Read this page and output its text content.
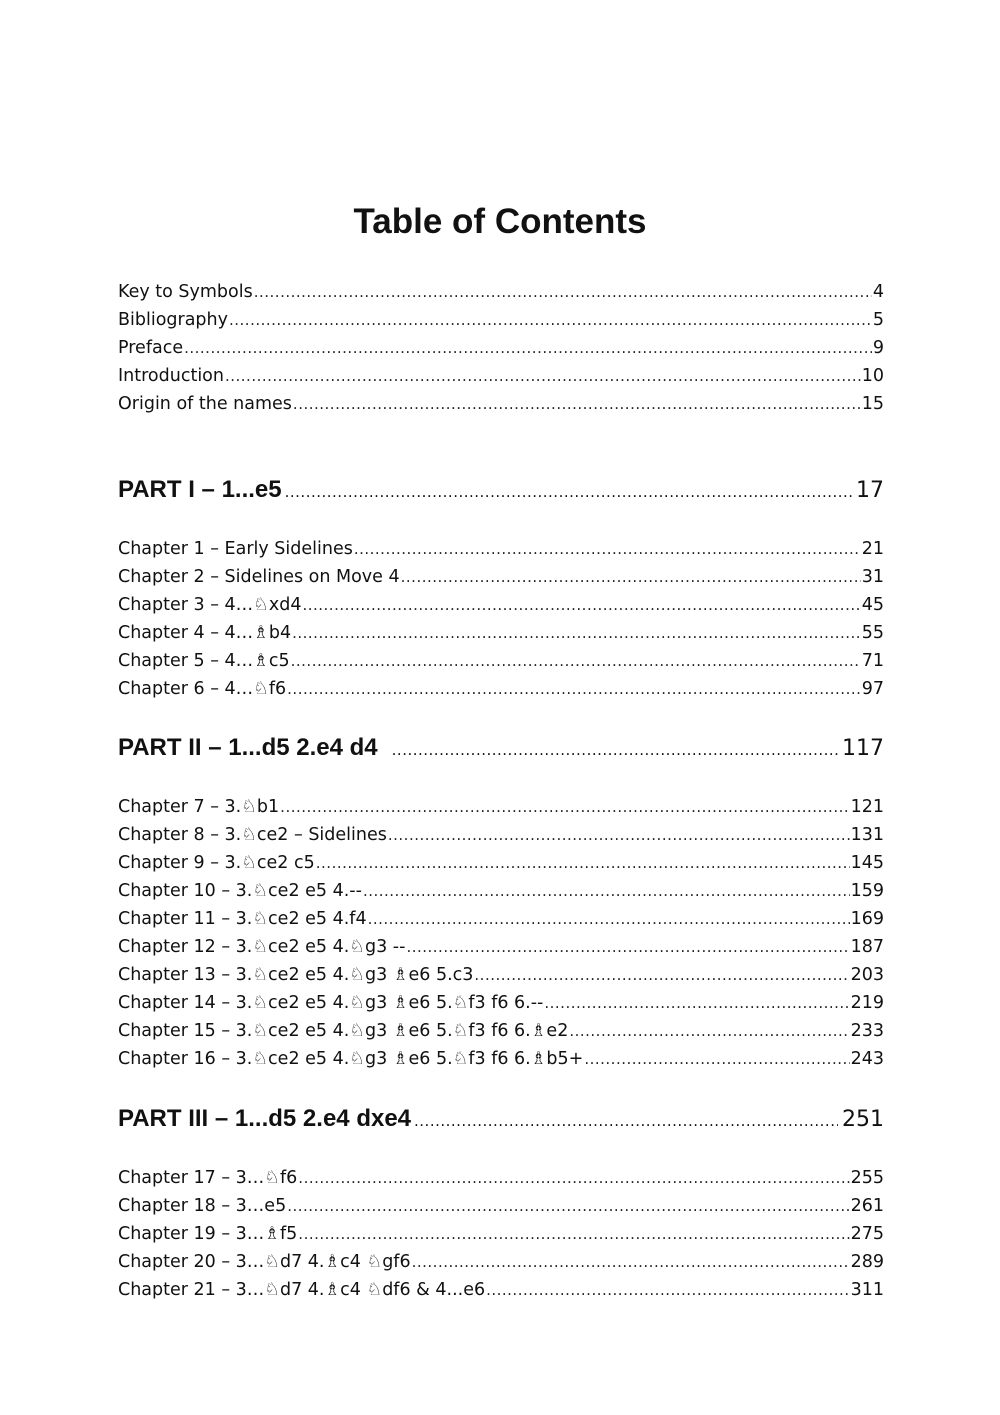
Table of Contents
Key to Symbols .....	4
Bibliography .....	5
Preface .....	9
Introduction .....	10
Origin of the names .....	15
PART I – 1...e5 .....	17
Chapter 1 – Early Sidelines .....	21
Chapter 2 – Sidelines on Move 4 .....	31
Chapter 3 – 4…♘xd4 .....	45
Chapter 4 – 4…♗b4 .....	55
Chapter 5 – 4…♗c5 .....	71
Chapter 6 – 4…♘f6 .....	97
PART II – 1...d5 2.e4 d4 .....	117
Chapter 7 – 3.♘b1 .....	121
Chapter 8 – 3.♘ce2 – Sidelines .....	131
Chapter 9 – 3.♘ce2 c5 .....	145
Chapter 10 – 3.♘ce2 e5 4.-- .....	159
Chapter 11 – 3.♘ce2 e5 4.f4 .....	169
Chapter 12 – 3.♘ce2 e5 4.♘g3 -- .....	187
Chapter 13 – 3.♘ce2 e5 4.♘g3 ♗e6 5.c3 .....	203
Chapter 14 – 3.♘ce2 e5 4.♘g3 ♗e6 5.♘f3 f6 6.-- .....	219
Chapter 15 – 3.♘ce2 e5 4.♘g3 ♗e6 5.♘f3 f6 6.♗e2 .....	233
Chapter 16 – 3.♘ce2 e5 4.♘g3 ♗e6 5.♘f3 f6 6.♗b5+ .....	243
PART III – 1...d5 2.e4 dxe4 .....	251
Chapter 17 – 3…♘f6 .....	255
Chapter 18 – 3…e5 .....	261
Chapter 19 – 3…♗f5 .....	275
Chapter 20 – 3…♘d7 4.♗c4 ♘gf6 .....	289
Chapter 21 – 3…♘d7 4.♗c4 ♘df6 & 4...e6 .....	311
